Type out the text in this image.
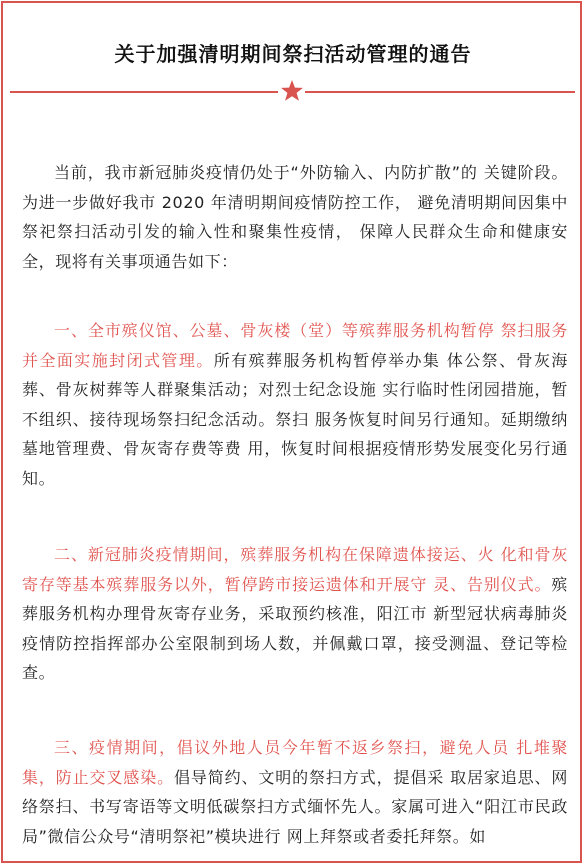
关于加强清明期间祭扫活动管理的通告

当前，我市新冠肺炎疫情仍处于“外防输入、内防扩散”的 关键阶段。为进一步做好我市 2020 年清明期间疫情防控工作， 避免清明期间因集中祭祀祭扫活动引发的输入性和聚集性疫情， 保障人民群众生命和健康安全，现将有关事项通告如下：

一、全市殡仪馆、公墓、骨灰楼（堂）等殡葬服务机构暂停 祭扫服务并全面实施封闭式管理。所有殡葬服务机构暂停举办集 体公祭、骨灰海葬、骨灰树葬等人群聚集活动；对烈士纪念设施 实行临时性闭园措施，暂不组织、接待现场祭扫纪念活动。祭扫 服务恢复时间另行通知。延期缴纳墓地管理费、骨灰寄存费等费 用，恢复时间根据疫情形势发展变化另行通知。

二、新冠肺炎疫情期间，殡葬服务机构在保障遗体接运、火 化和骨灰寄存等基本殡葬服务以外，暂停跨市接运遗体和开展守 灵、告别仪式。殡葬服务机构办理骨灰寄存业务，采取预约核准，阳江市 新型冠状病毒肺炎疫情防控指挥部办公室限制到场人数，并佩戴口罩，接受测温、登记等检查。

三、疫情期间，倡议外地人员今年暂不返乡祭扫，避免人员 扎堆聚集，防止交叉感染。倡导简约、文明的祭扫方式，提倡采 取居家追思、网络祭扫、书写寄语等文明低碳祭扫方式缅怀先人。家属可进入“阳江市民政局”微信公众号“清明祭祀”模块进行 网上拜祭或者委托拜祭。如
